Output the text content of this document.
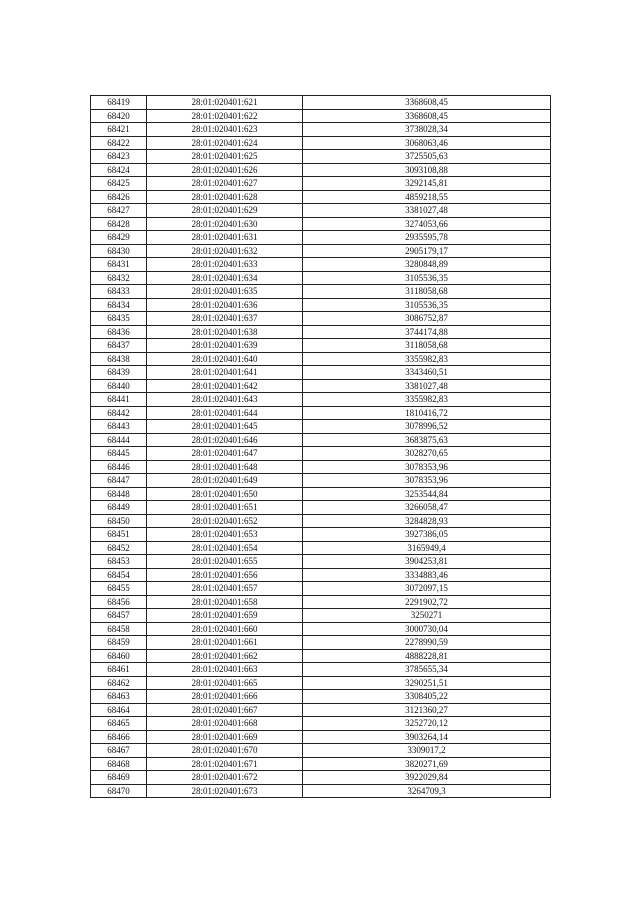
68419	28:01:020401:621	3368608,45
68420	28:01:020401:622	3368608,45
68421	28:01:020401:623	3738028,34
68422	28:01:020401:624	3068063,46
68423	28:01:020401:625	3725505,63
68424	28:01:020401:626	3093108,88
68425	28:01:020401:627	3292145,81
68426	28:01:020401:628	4859218,55
68427	28:01:020401:629	3381027,48
68428	28:01:020401:630	3274053,66
68429	28:01:020401:631	2935595,78
68430	28:01:020401:632	2905179,17
68431	28:01:020401:633	3280848,89
68432	28:01:020401:634	3105536,35
68433	28:01:020401:635	3118058,68
68434	28:01:020401:636	3105536,35
68435	28:01:020401:637	3086752,87
68436	28:01:020401:638	3744174,88
68437	28:01:020401:639	3118058,68
68438	28:01:020401:640	3355982,83
68439	28:01:020401:641	3343460,51
68440	28:01:020401:642	3381027,48
68441	28:01:020401:643	3355982,83
68442	28:01:020401:644	1810416,72
68443	28:01:020401:645	3078996,52
68444	28:01:020401:646	3683875,63
68445	28:01:020401:647	3028270,65
68446	28:01:020401:648	3078353,96
68447	28:01:020401:649	3078353,96
68448	28:01:020401:650	3253544,84
68449	28:01:020401:651	3266058,47
68450	28:01:020401:652	3284828,93
68451	28:01:020401:653	3927386,05
68452	28:01:020401:654	3165949,4
68453	28:01:020401:655	3904253,81
68454	28:01:020401:656	3334883,46
68455	28:01:020401:657	3072097,15
68456	28:01:020401:658	2291902,72
68457	28:01:020401:659	3250271
68458	28:01:020401:660	3000730,04
68459	28:01:020401:661	2278990,59
68460	28:01:020401:662	4888228,81
68461	28:01:020401:663	3785655,34
68462	28:01:020401:665	3290251,51
68463	28:01:020401:666	3308405,22
68464	28:01:020401:667	3121360,27
68465	28:01:020401:668	3252720,12
68466	28:01:020401:669	3903264,14
68467	28:01:020401:670	3309017,2
68468	28:01:020401:671	3820271,69
68469	28:01:020401:672	3922029,84
68470	28:01:020401:673	3264709,3
